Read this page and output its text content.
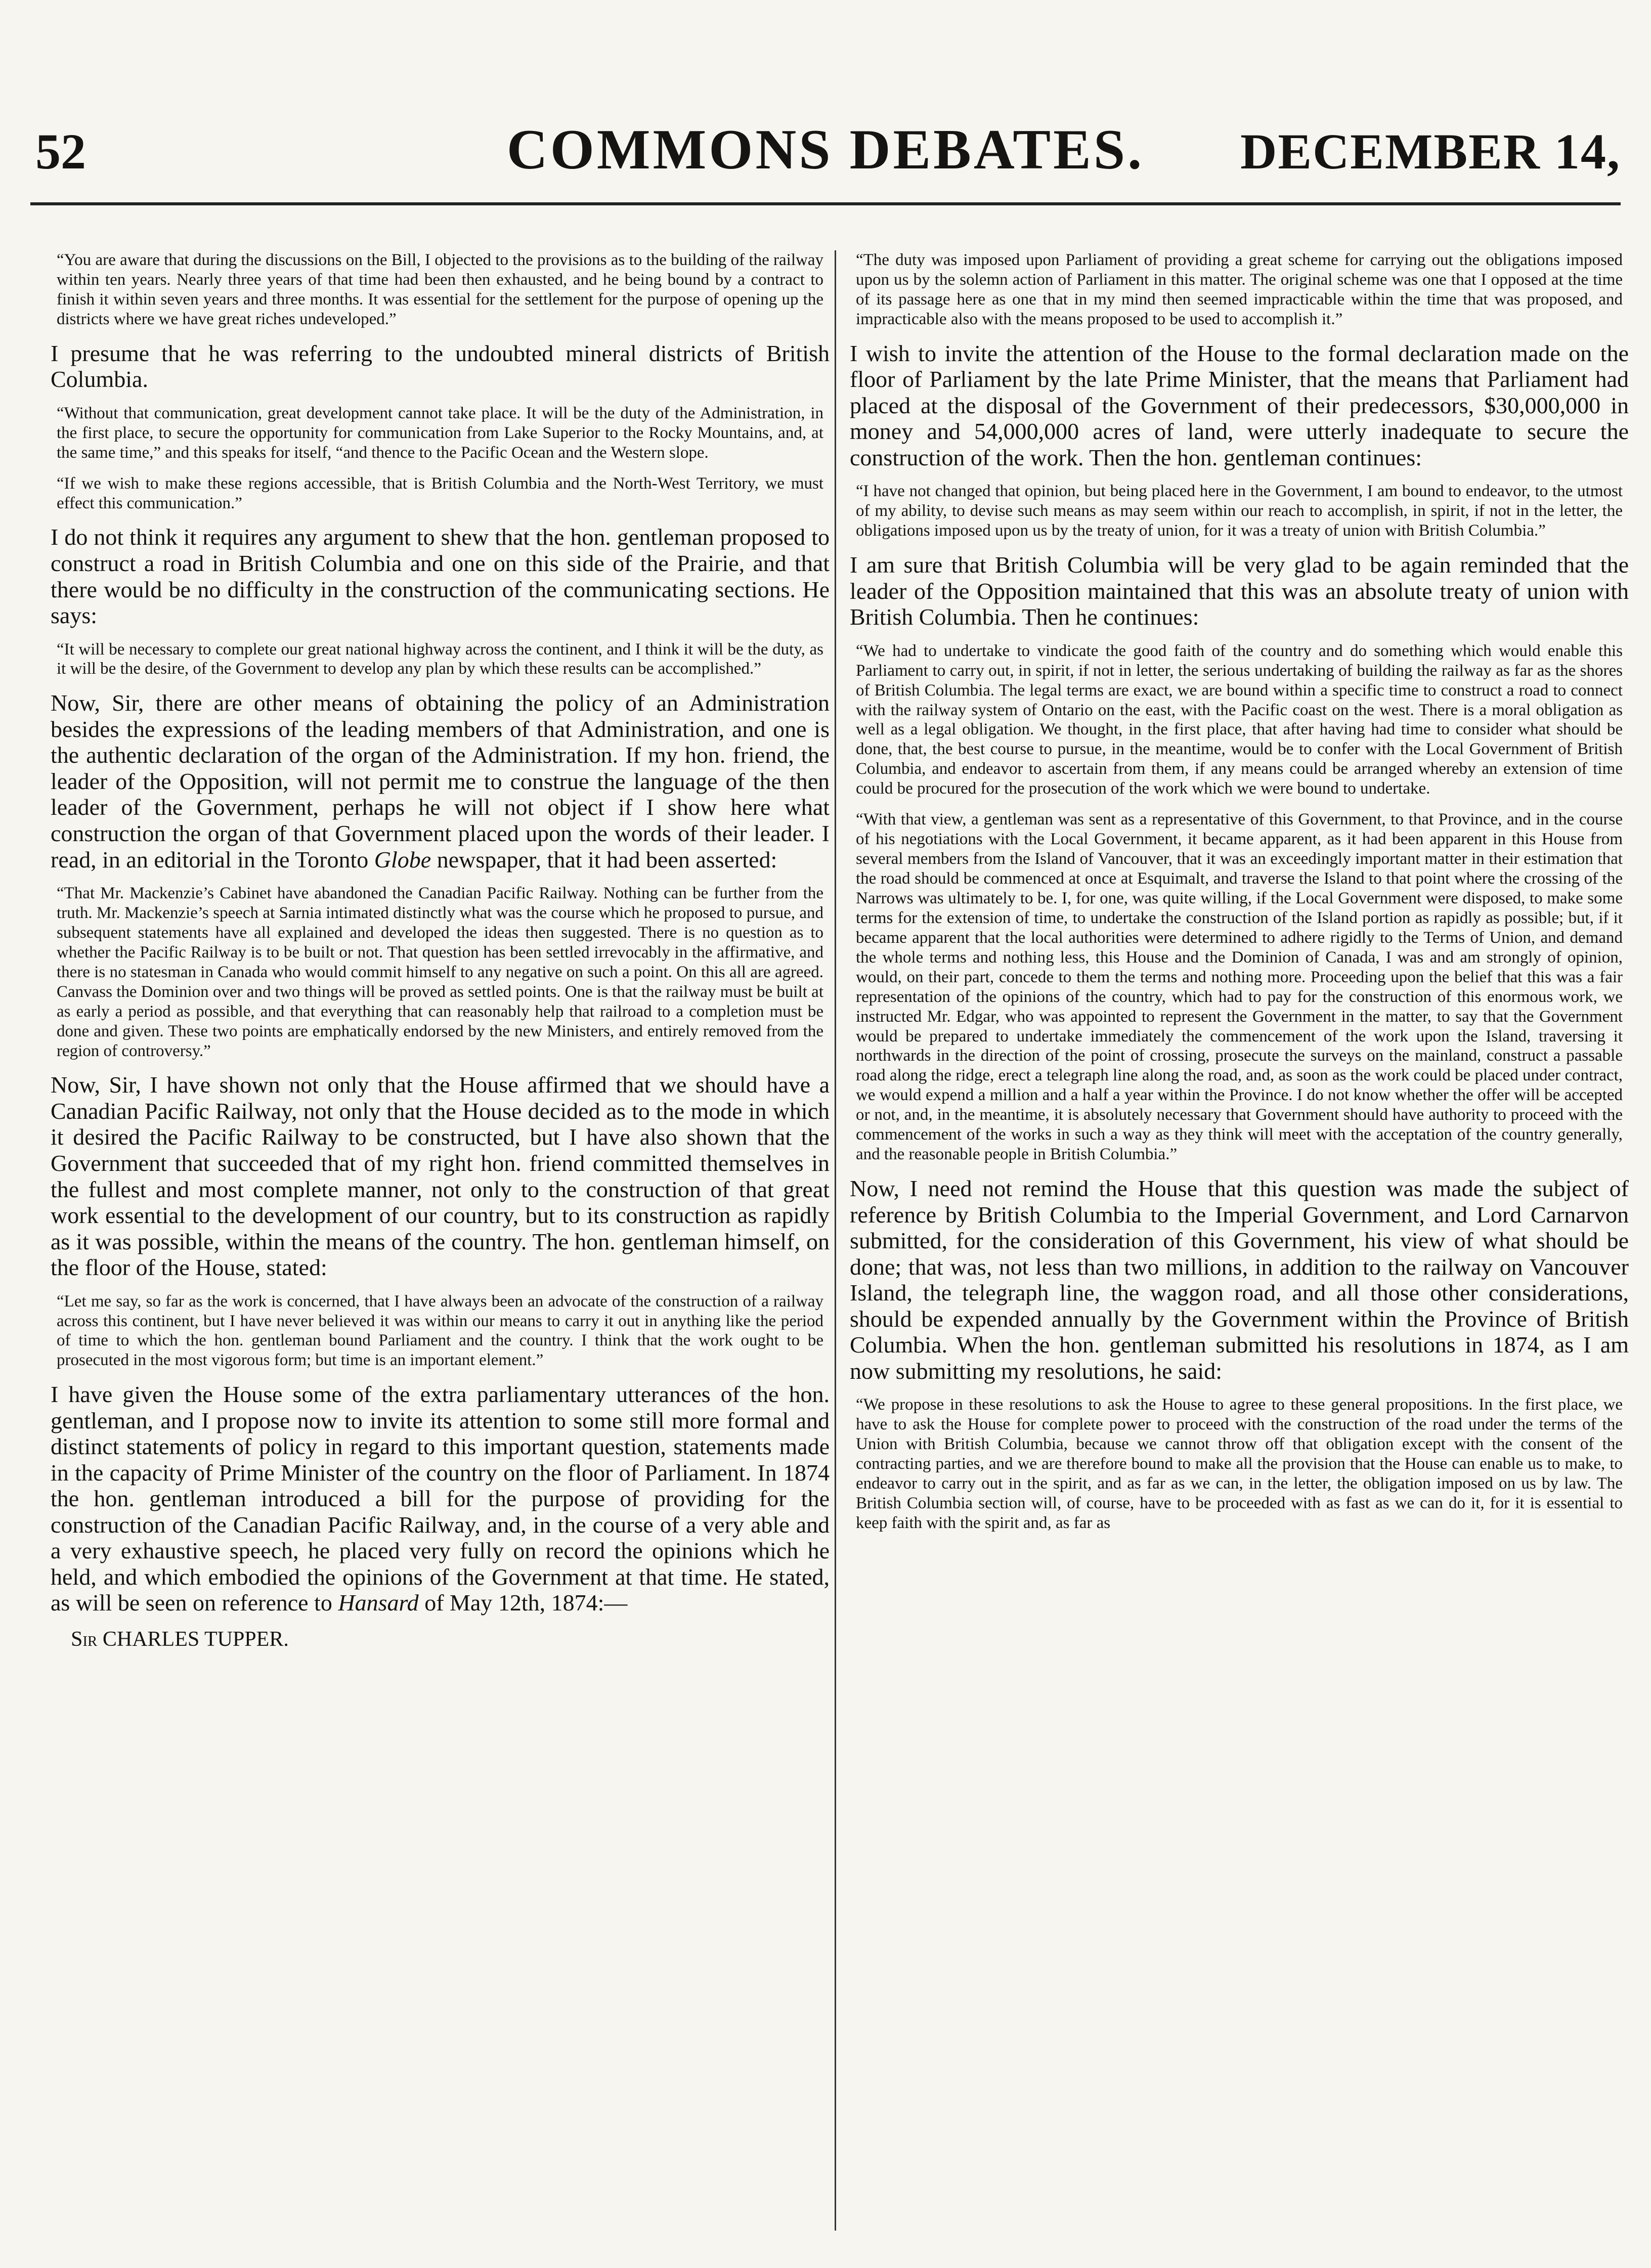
52	COMMONS DEBATES.	DECEMBER 14,

“You are aware that during the discussions on the Bill, I objected to the provisions as to the building of the railway within ten years. Nearly three years of that time had been then exhausted, and he being bound by a contract to finish it within seven years and three months. It was essential for the settlement for the purpose of opening up the districts where we have great riches undeveloped.”

I presume that he was referring to the undoubted mineral districts of British Columbia.

“Without that communication, great development cannot take place. It will be the duty of the Administration, in the first place, to secure the opportunity for communication from Lake Superior to the Rocky Mountains, and, at the same time,” and this speaks for itself, “and thence to the Pacific Ocean and the Western slope.

“If we wish to make these regions accessible, that is British Columbia and the North-West Territory, we must effect this communication.”

I do not think it requires any argument to shew that the hon. gentleman proposed to construct a road in British Columbia and one on this side of the Prairie, and that there would be no difficulty in the construction of the communicating sections. He says:

“It will be necessary to complete our great national highway across the continent, and I think it will be the duty, as it will be the desire, of the Government to develop any plan by which these results can be accomplished.”

Now, Sir, there are other means of obtaining the policy of an Administration besides the expressions of the leading members of that Administration, and one is the authentic declaration of the organ of the Administration. If my hon. friend, the leader of the Opposition, will not permit me to construe the language of the then leader of the Government, perhaps he will not object if I show here what construction the organ of that Government placed upon the words of their leader. I read, in an editorial in the Toronto Globe newspaper, that it had been asserted:

“That Mr. Mackenzie’s Cabinet have abandoned the Canadian Pacific Railway. Nothing can be further from the truth. Mr. Mackenzie’s speech at Sarnia intimated distinctly what was the course which he proposed to pursue, and subsequent statements have all explained and developed the ideas then suggested. There is no question as to whether the Pacific Railway is to be built or not. That question has been settled irrevocably in the affirmative, and there is no statesman in Canada who would commit himself to any negative on such a point. On this all are agreed. Canvass the Dominion over and two things will be proved as settled points. One is that the railway must be built at as early a period as possible, and that everything that can reasonably help that railroad to a completion must be done and given. These two points are emphatically endorsed by the new Ministers, and entirely removed from the region of controversy.”

Now, Sir, I have shown not only that the House affirmed that we should have a Canadian Pacific Railway, not only that the House decided as to the mode in which it desired the Pacific Railway to be constructed, but I have also shown that the Government that succeeded that of my right hon. friend committed themselves in the fullest and most complete manner, not only to the construction of that great work essential to the development of our country, but to its construction as rapidly as it was possible, within the means of the country. The hon. gentleman himself, on the floor of the House, stated:

“Let me say, so far as the work is concerned, that I have always been an advocate of the construction of a railway across this continent, but I have never believed it was within our means to carry it out in anything like the period of time to which the hon. gentleman bound Parliament and the country. I think that the work ought to be prosecuted in the most vigorous form; but time is an important element.”

I have given the House some of the extra parliamentary utterances of the hon. gentleman, and I propose now to invite its attention to some still more formal and distinct statements of policy in regard to this important question, statements made in the capacity of Prime Minister of the country on the floor of Parliament. In 1874 the hon. gentleman introduced a bill for the purpose of providing for the construction of the Canadian Pacific Railway, and, in the course of a very able and a very exhaustive speech, he placed very fully on record the opinions which he held, and which embodied the opinions of the Government at that time. He stated, as will be seen on reference to Hansard of May 12th, 1874:—

Sir CHARLES TUPPER.

“The duty was imposed upon Parliament of providing a great scheme for carrying out the obligations imposed upon us by the solemn action of Parliament in this matter. The original scheme was one that I opposed at the time of its passage here as one that in my mind then seemed impracticable within the time that was proposed, and impracticable also with the means proposed to be used to accomplish it.”

I wish to invite the attention of the House to the formal declaration made on the floor of Parliament by the late Prime Minister, that the means that Parliament had placed at the disposal of the Government of their predecessors, $30,000,000 in money and 54,000,000 acres of land, were utterly inadequate to secure the construction of the work. Then the hon. gentleman continues:

“I have not changed that opinion, but being placed here in the Government, I am bound to endeavor, to the utmost of my ability, to devise such means as may seem within our reach to accomplish, in spirit, if not in the letter, the obligations imposed upon us by the treaty of union, for it was a treaty of union with British Columbia.”

I am sure that British Columbia will be very glad to be again reminded that the leader of the Opposition maintained that this was an absolute treaty of union with British Columbia. Then he continues:

“We had to undertake to vindicate the good faith of the country and do something which would enable this Parliament to carry out, in spirit, if not in letter, the serious undertaking of building the railway as far as the shores of British Columbia. The legal terms are exact, we are bound within a specific time to construct a road to connect with the railway system of Ontario on the east, with the Pacific coast on the west. There is a moral obligation as well as a legal obligation. We thought, in the first place, that after having had time to consider what should be done, that, the best course to pursue, in the meantime, would be to confer with the Local Government of British Columbia, and endeavor to ascertain from them, if any means could be arranged whereby an extension of time could be procured for the prosecution of the work which we were bound to undertake.

“With that view, a gentleman was sent as a representative of this Government, to that Province, and in the course of his negotiations with the Local Government, it became apparent, as it had been apparent in this House from several members from the Island of Vancouver, that it was an exceedingly important matter in their estimation that the road should be commenced at once at Esquimalt, and traverse the Island to that point where the crossing of the Narrows was ultimately to be. I, for one, was quite willing, if the Local Government were disposed, to make some terms for the extension of time, to undertake the construction of the Island portion as rapidly as possible; but, if it became apparent that the local authorities were determined to adhere rigidly to the Terms of Union, and demand the whole terms and nothing less, this House and the Dominion of Canada, I was and am strongly of opinion, would, on their part, concede to them the terms and nothing more. Proceeding upon the belief that this was a fair representation of the opinions of the country, which had to pay for the construction of this enormous work, we instructed Mr. Edgar, who was appointed to represent the Government in the matter, to say that the Government would be prepared to undertake immediately the commencement of the work upon the Island, traversing it northwards in the direction of the point of crossing, prosecute the surveys on the mainland, construct a passable road along the ridge, erect a telegraph line along the road, and, as soon as the work could be placed under contract, we would expend a million and a half a year within the Province. I do not know whether the offer will be accepted or not, and, in the meantime, it is absolutely necessary that Government should have authority to proceed with the commencement of the works in such a way as they think will meet with the acceptation of the country generally, and the reasonable people in British Columbia.”

Now, I need not remind the House that this question was made the subject of reference by British Columbia to the Imperial Government, and Lord Carnarvon submitted, for the consideration of this Government, his view of what should be done; that was, not less than two millions, in addition to the railway on Vancouver Island, the telegraph line, the waggon road, and all those other considerations, should be expended annually by the Government within the Province of British Columbia. When the hon. gentleman submitted his resolutions in 1874, as I am now submitting my resolutions, he said:

“We propose in these resolutions to ask the House to agree to these general propositions. In the first place, we have to ask the House for complete power to proceed with the construction of the road under the terms of the Union with British Columbia, because we cannot throw off that obligation except with the consent of the contracting parties, and we are therefore bound to make all the provision that the House can enable us to make, to endeavor to carry out in the spirit, and as far as we can, in the letter, the obligation imposed on us by law. The British Columbia section will, of course, have to be proceeded with as fast as we can do it, for it is essential to keep faith with the spirit and, as far as
